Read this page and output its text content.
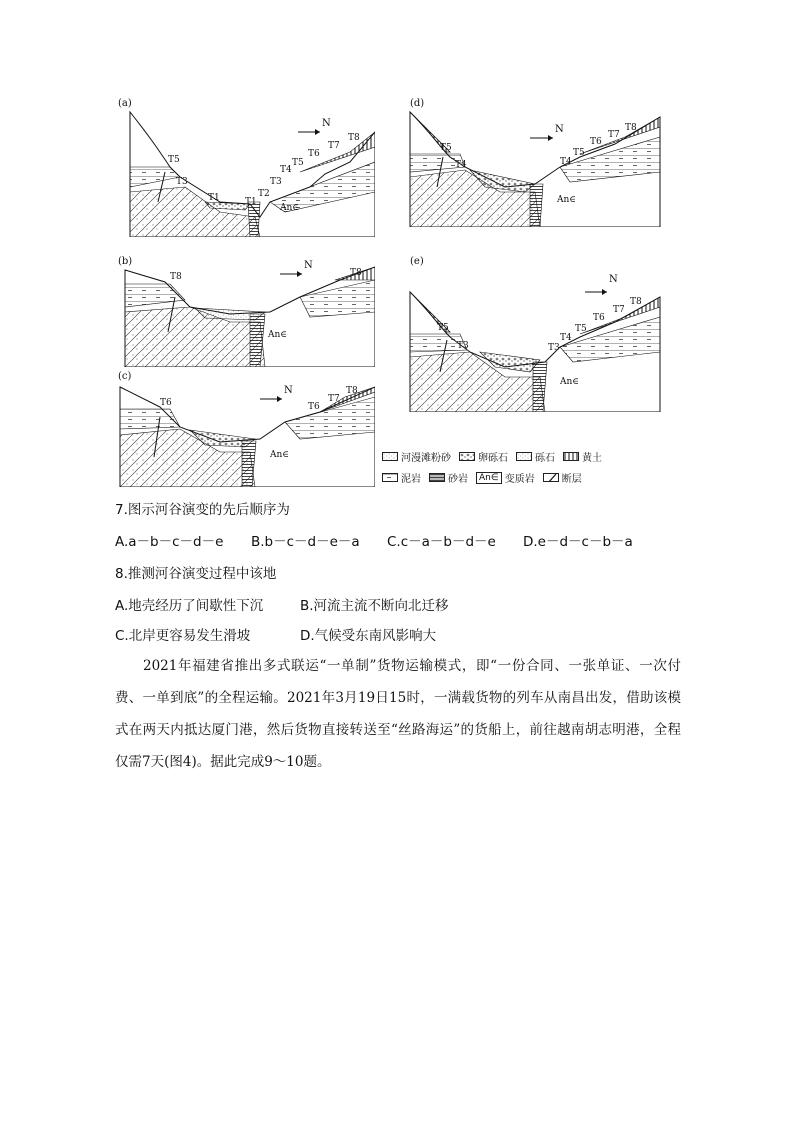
(a)
T5
T3
T1	T1
T2
T3
T4
T5
T6
T7
T8
An∈
N
(d)
T5
T4	T4
T5
T6
T7
T8
An∈
N
(b)
T8	T8
An∈
N	(e)
T5
T3	T3
T4
T5
T6
T7
T8
An∈
N
(c)
T6	T6
T7
T8
An∈
N
河漫滩粉砂	卵砾石	砾石	黄土
泥岩	砂岩	An∈ 变质岩	断层
7.图示河谷演变的先后顺序为
A.a－b－c－d－e	B.b－c－d－e－a	C.c－a－b－d－e	D.e－d－c－b－a
8.推测河谷演变过程中该地
A.地壳经历了间歇性下沉	B.河流主流不断向北迁移
C.北岸更容易发生滑坡	D.气候受东南风影响大
2021年福建省推出多式联运“一单制”货物运输模式，即“一份合同、一张单证、一次付费、一单到底”的全程运输。2021年3月19日15时，一满载货物的列车从南昌出发，借助该模式在两天内抵达厦门港，然后货物直接转送至“丝路海运”的货船上，前往越南胡志明港，全程仅需7天(图4)。据此完成9～10题。
